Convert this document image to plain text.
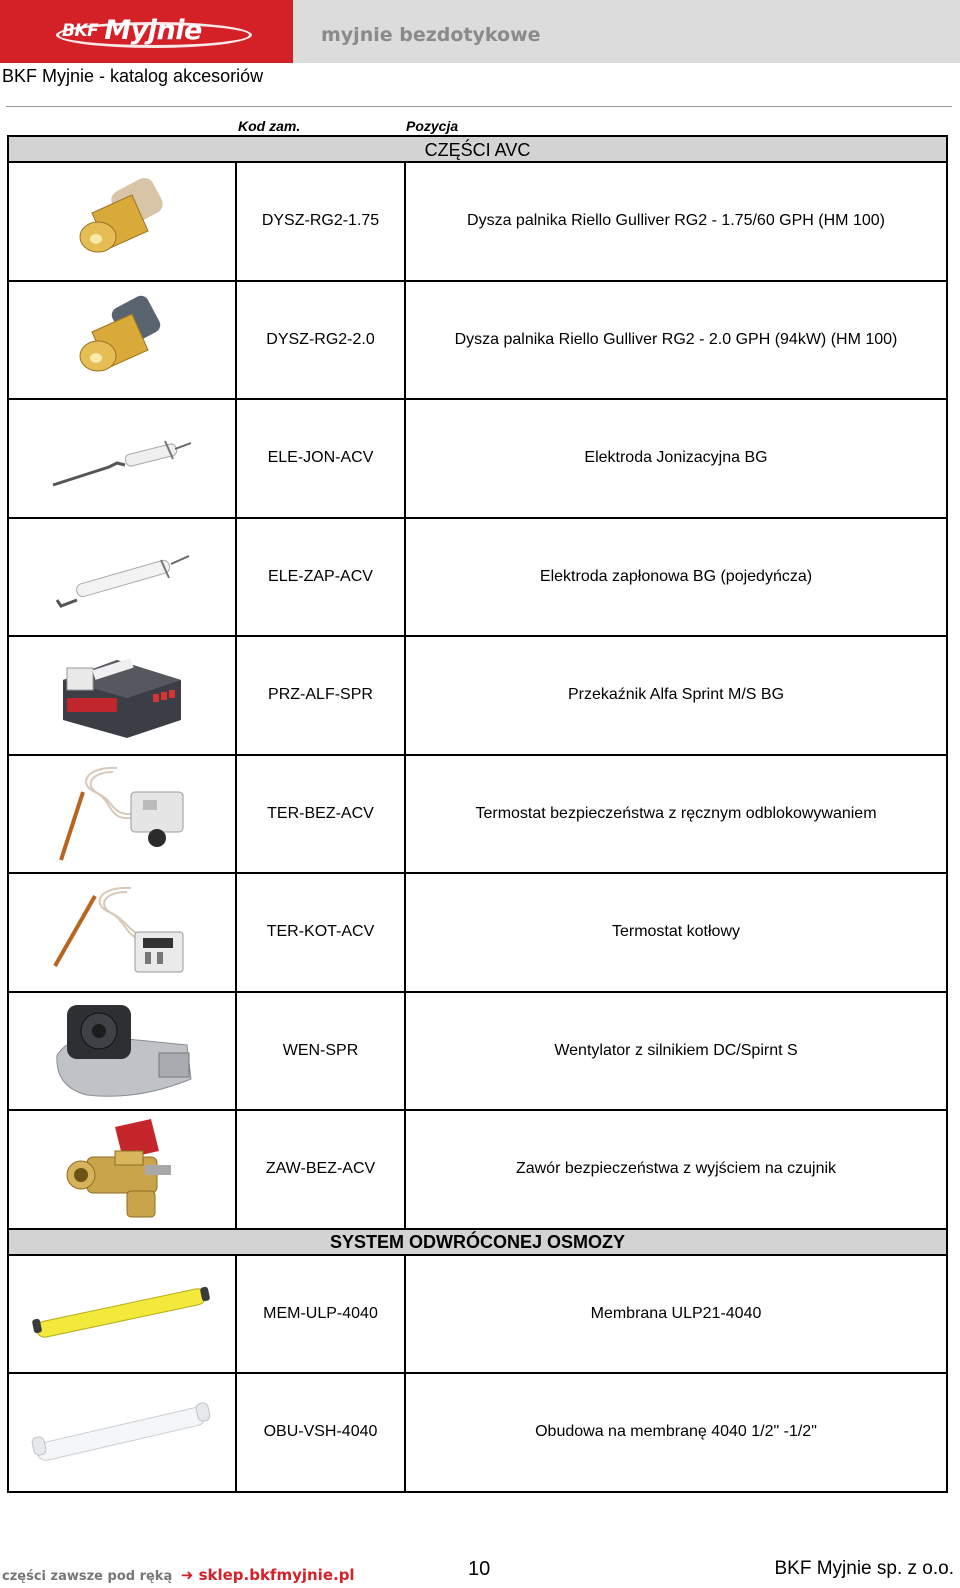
$^{BKF}$ Myjnie	myjnie bezdotykowe
BKF Myjnie - katalog akcesoriów
Kod zam.	Pozycja
CZĘŚCI AVC		

	DYSZ-RG2-1.75	Dysza palnika Riello Gulliver RG2 - 1.75/60 GPH (HM 100)

	DYSZ-RG2-2.0	Dysza palnika Riello Gulliver RG2 - 2.0 GPH (94kW) (HM 100)

	ELE-JON-ACV	Elektroda Jonizacyjna BG

	ELE-ZAP-ACV	Elektroda zapłonowa BG (pojedyńcza)

	PRZ-ALF-SPR	Przekaźnik Alfa Sprint M/S BG

	TER-BEZ-ACV	Termostat bezpieczeństwa z ręcznym odblokowywaniem

	TER-KOT-ACV	Termostat kotłowy

	WEN-SPR	Wentylator z silnikiem DC/Spirnt S

	ZAW-BEZ-ACV	Zawór bezpieczeństwa z wyjściem na czujnik
SYSTEM ODWRÓCONEJ OSMOZY		

	MEM-ULP-4040	Membrana ULP21-4040

	OBU-VSH-4040	Obudowa na membranę 4040 1/2" -1/2"
części zawsze pod ręką ➜ sklep.bkfmyjnie.pl	10	BKF Myjnie sp. z o.o.
